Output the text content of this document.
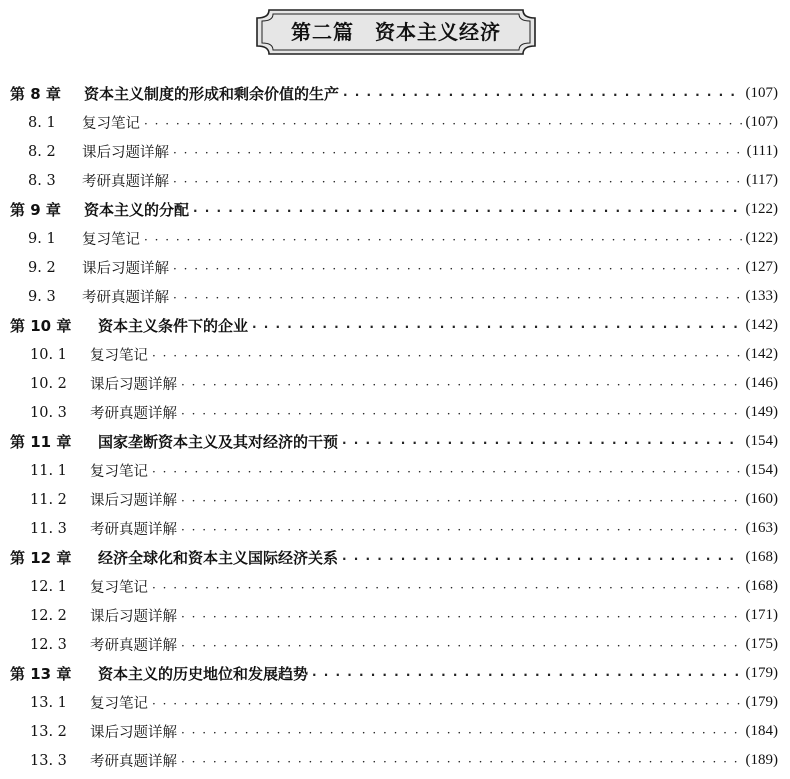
第二篇　资本主义经济
第 8 章	资本主义制度的形成和剩余价值的生产 · · ·	(107)
8. 1	复习笔记 · · ·	(107)
8. 2	课后习题详解 · · ·	(111)
8. 3	考研真题详解 · · ·	(117)
第 9 章	资本主义的分配 · · ·	(122)
9. 1	复习笔记 · · ·	(122)
9. 2	课后习题详解 · · ·	(127)
9. 3	考研真题详解 · · ·	(133)
第 10 章	资本主义条件下的企业 · · ·	(142)
10. 1	复习笔记 · · ·	(142)
10. 2	课后习题详解 · · ·	(146)
10. 3	考研真题详解 · · ·	(149)
第 11 章	国家垄断资本主义及其对经济的干预 · · ·	(154)
11. 1	复习笔记 · · ·	(154)
11. 2	课后习题详解 · · ·	(160)
11. 3	考研真题详解 · · ·	(163)
第 12 章	经济全球化和资本主义国际经济关系 · · ·	(168)
12. 1	复习笔记 · · ·	(168)
12. 2	课后习题详解 · · ·	(171)
12. 3	考研真题详解 · · ·	(175)
第 13 章	资本主义的历史地位和发展趋势 · · ·	(179)
13. 1	复习笔记 · · ·	(179)
13. 2	课后习题详解 · · ·	(184)
13. 3	考研真题详解 · · ·	(189)
